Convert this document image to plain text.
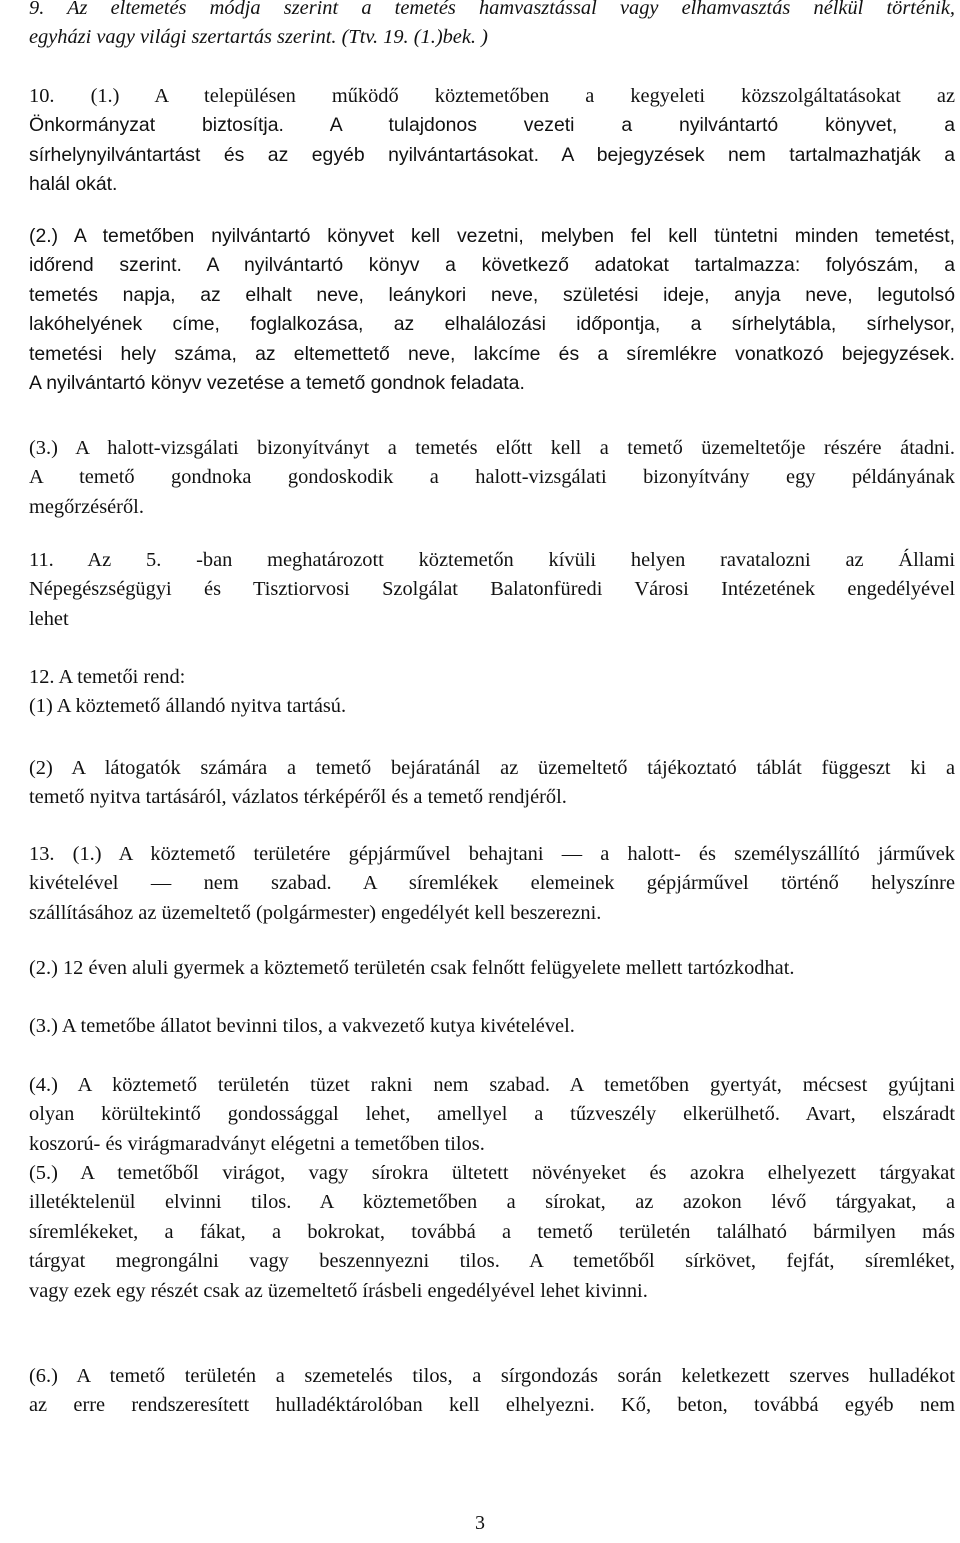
9. Az eltemetés módja szerint a temetés hamvasztással vagy elhamvasztás nélkül történik,
egyházi vagy világi szertartás szerint. (Ttv. 19. (1.)bek. )
10. (1.) A településen működő köztemetőben a kegyeleti közszolgáltatásokat az
Önkormányzat biztosítja. A tulajdonos vezeti a nyilvántartó könyvet, a
sírhelynyilvántartást és az egyéb nyilvántartásokat. A bejegyzések nem tartalmazhatják a
halál okát.
(2.) A temetőben nyilvántartó könyvet kell vezetni, melyben fel kell tüntetni minden temetést,
időrend szerint. A nyilvántartó könyv a következő adatokat tartalmazza: folyószám, a
temetés napja, az elhalt neve, leánykori neve, születési ideje, anyja neve, legutolsó
lakóhelyének címe, foglalkozása, az elhalálozási időpontja, a sírhelytábla, sírhelysor,
temetési hely száma, az eltemettető neve, lakcíme és a síremlékre vonatkozó bejegyzések.
A nyilvántartó könyv vezetése a temető gondnok feladata.
(3.) A halott-vizsgálati bizonyítványt a temetés előtt kell a temető üzemeltetője részére átadni.
A temető gondnoka gondoskodik a halott-vizsgálati bizonyítvány egy példányának
megőrzéséről.
11. Az 5. -ban meghatározott köztemetőn kívüli helyen ravatalozni az Állami
Népegészségügyi és Tisztiorvosi Szolgálat Balatonfüredi Városi Intézetének engedélyével
lehet
12. A temetői rend:
(1) A köztemető állandó nyitva tartású.
(2) A látogatók számára a temető bejáratánál az üzemeltető tájékoztató táblát függeszt ki a
temető nyitva tartásáról, vázlatos térképéről és a temető rendjéről.
13. (1.) A köztemető területére gépjárművel behajtani — a halott- és személyszállító járművek
kivételével — nem szabad. A síremlékek elemeinek gépjárművel történő helyszínre
szállításához az üzemeltető (polgármester) engedélyét kell beszerezni.
(2.) 12 éven aluli gyermek a köztemető területén csak felnőtt felügyelete mellett tartózkodhat.
(3.) A temetőbe állatot bevinni tilos, a vakvezető kutya kivételével.
(4.) A köztemető területén tüzet rakni nem szabad. A temetőben gyertyát, mécsest gyújtani
olyan körültekintő gondossággal lehet, amellyel a tűzveszély elkerülhető. Avart, elszáradt
koszorú- és virágmaradványt elégetni a temetőben tilos.
(5.) A temetőből virágot, vagy sírokra ültetett növényeket és azokra elhelyezett tárgyakat
illetéktelenül elvinni tilos. A köztemetőben a sírokat, az azokon lévő tárgyakat, a
síremlékeket, a fákat, a bokrokat, továbbá a temető területén található bármilyen más
tárgyat megrongálni vagy beszennyezni tilos. A temetőből sírkövet, fejfát, síremléket,
vagy ezek egy részét csak az üzemeltető írásbeli engedélyével lehet kivinni.
(6.) A temető területén a szemetelés tilos, a sírgondozás során keletkezett szerves hulladékot
az erre rendszeresített hulladéktárolóban kell elhelyezni. Kő, beton, továbbá egyéb nem
3
